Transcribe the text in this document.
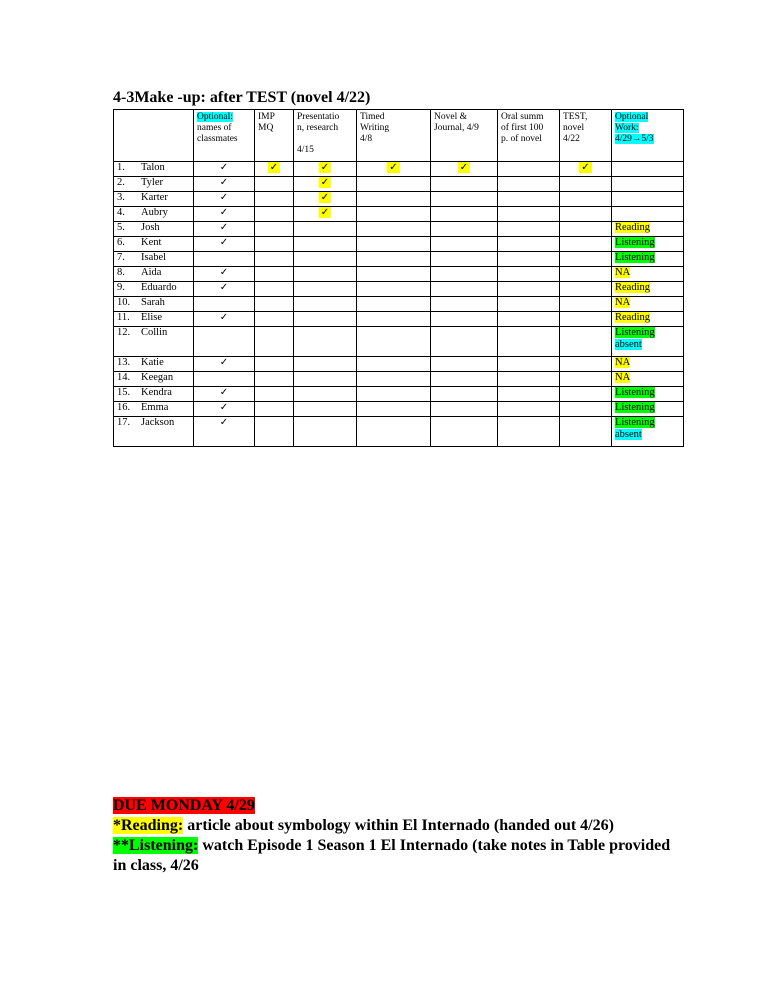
4-3Make -up: after TEST (novel 4/22)
	Optional:
names of
classmates	IMP
MQ	Presentatio
n, research

4/15	Timed
Writing
4/8	Novel &
Journal, 4/9	Oral summ
of first 100
p. of novel	TEST,
novel
4/22	Optional
Work:
4/29→5/3
1. Talon	✓	✓	✓	✓	✓		✓	
2. Tyler	✓		✓					
3. Karter	✓		✓					
4. Aubry	✓		✓					
5. Josh	✓							Reading
6. Kent	✓							Listening
7. Isabel								Listening
8. Aida	✓							NA
9. Eduardo	✓							Reading
10. Sarah								NA
11. Elise	✓							Reading
12. Collin								Listening
absent
13. Katie	✓							NA
14. Keegan								NA
15. Kendra	✓							Listening
16. Emma	✓							Listening
17. Jackson	✓							Listening
absent

DUE MONDAY 4/29

*Reading: article about symbology within El Internado (handed out 4/26)

**Listening: watch Episode 1 Season 1 El Internado (take notes in Table provided in class, 4/26
